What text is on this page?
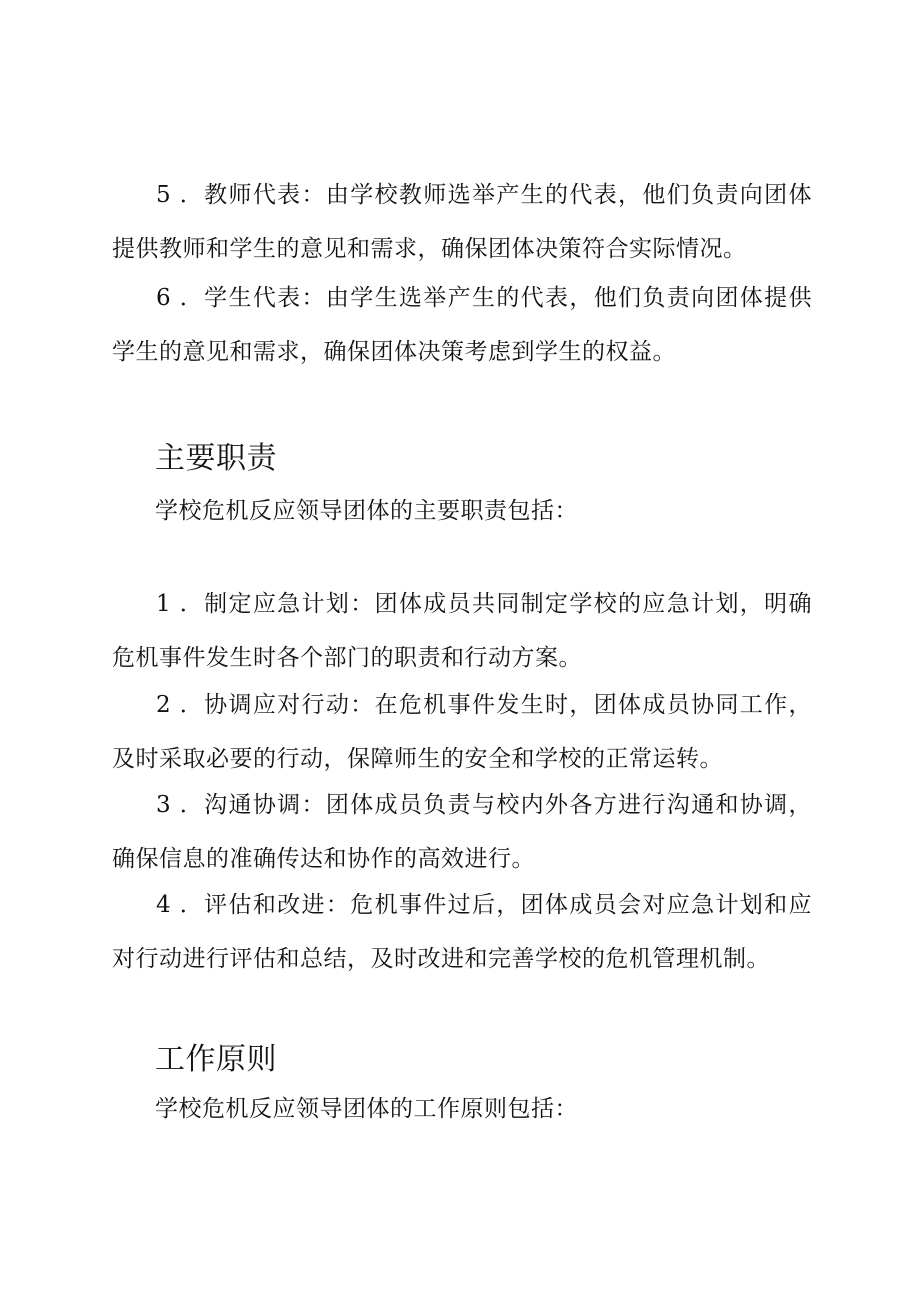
5 ．教师代表：由学校教师选举产生的代表，他们负责向团体提供教师和学生的意见和需求，确保团体决策符合实际情况。

6 ．学生代表：由学生选举产生的代表，他们负责向团体提供学生的意见和需求，确保团体决策考虑到学生的权益。

主要职责

学校危机反应领导团体的主要职责包括：

1 ．制定应急计划：团体成员共同制定学校的应急计划，明确危机事件发生时各个部门的职责和行动方案。

2 ．协调应对行动：在危机事件发生时，团体成员协同工作，及时采取必要的行动，保障师生的安全和学校的正常运转。

3 ．沟通协调：团体成员负责与校内外各方进行沟通和协调，确保信息的准确传达和协作的高效进行。

4 ．评估和改进：危机事件过后，团体成员会对应急计划和应对行动进行评估和总结，及时改进和完善学校的危机管理机制。

工作原则

学校危机反应领导团体的工作原则包括：
